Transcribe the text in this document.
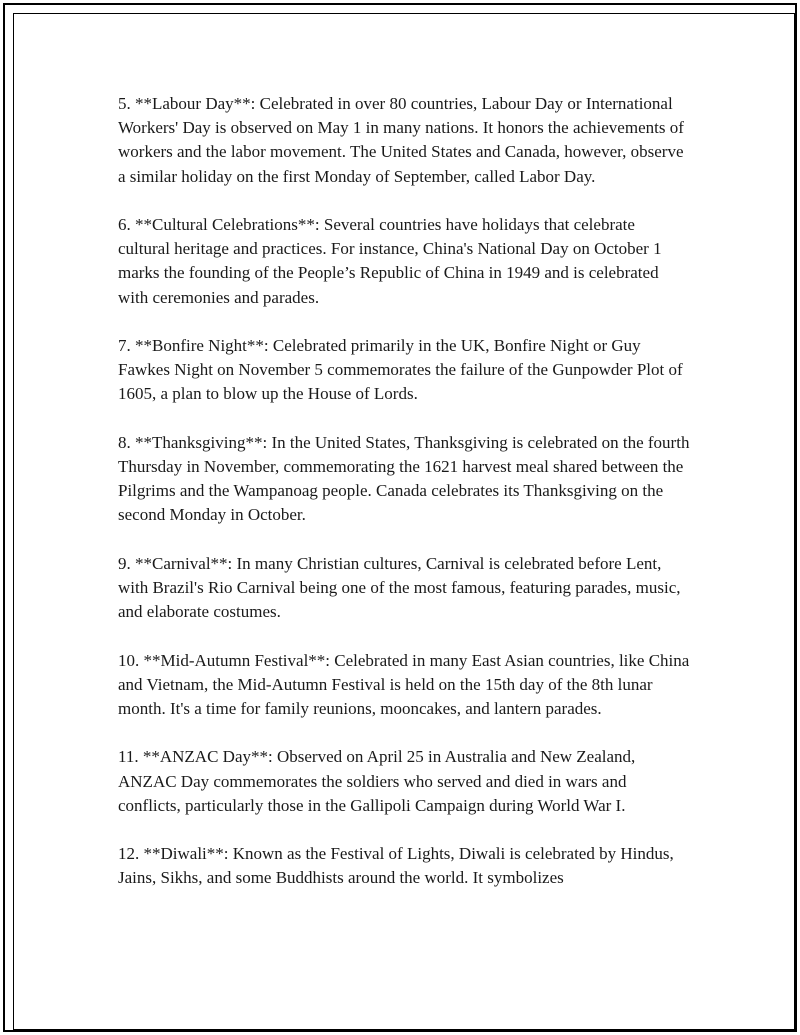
5. **Labour Day**: Celebrated in over 80 countries, Labour Day or International Workers' Day is observed on May 1 in many nations. It honors the achievements of workers and the labor movement. The United States and Canada, however, observe a similar holiday on the first Monday of September, called Labor Day.

6. **Cultural Celebrations**: Several countries have holidays that celebrate cultural heritage and practices. For instance, China's National Day on October 1 marks the founding of the People’s Republic of China in 1949 and is celebrated with ceremonies and parades.

7. **Bonfire Night**: Celebrated primarily in the UK, Bonfire Night or Guy Fawkes Night on November 5 commemorates the failure of the Gunpowder Plot of 1605, a plan to blow up the House of Lords.

8. **Thanksgiving**: In the United States, Thanksgiving is celebrated on the fourth Thursday in November, commemorating the 1621 harvest meal shared between the Pilgrims and the Wampanoag people. Canada celebrates its Thanksgiving on the second Monday in October.

9. **Carnival**: In many Christian cultures, Carnival is celebrated before Lent, with Brazil's Rio Carnival being one of the most famous, featuring parades, music, and elaborate costumes.

10. **Mid-Autumn Festival**: Celebrated in many East Asian countries, like China and Vietnam, the Mid-Autumn Festival is held on the 15th day of the 8th lunar month. It's a time for family reunions, mooncakes, and lantern parades.

11. **ANZAC Day**: Observed on April 25 in Australia and New Zealand, ANZAC Day commemorates the soldiers who served and died in wars and conflicts, particularly those in the Gallipoli Campaign during World War I.

12. **Diwali**: Known as the Festival of Lights, Diwali is celebrated by Hindus, Jains, Sikhs, and some Buddhists around the world. It symbolizes
